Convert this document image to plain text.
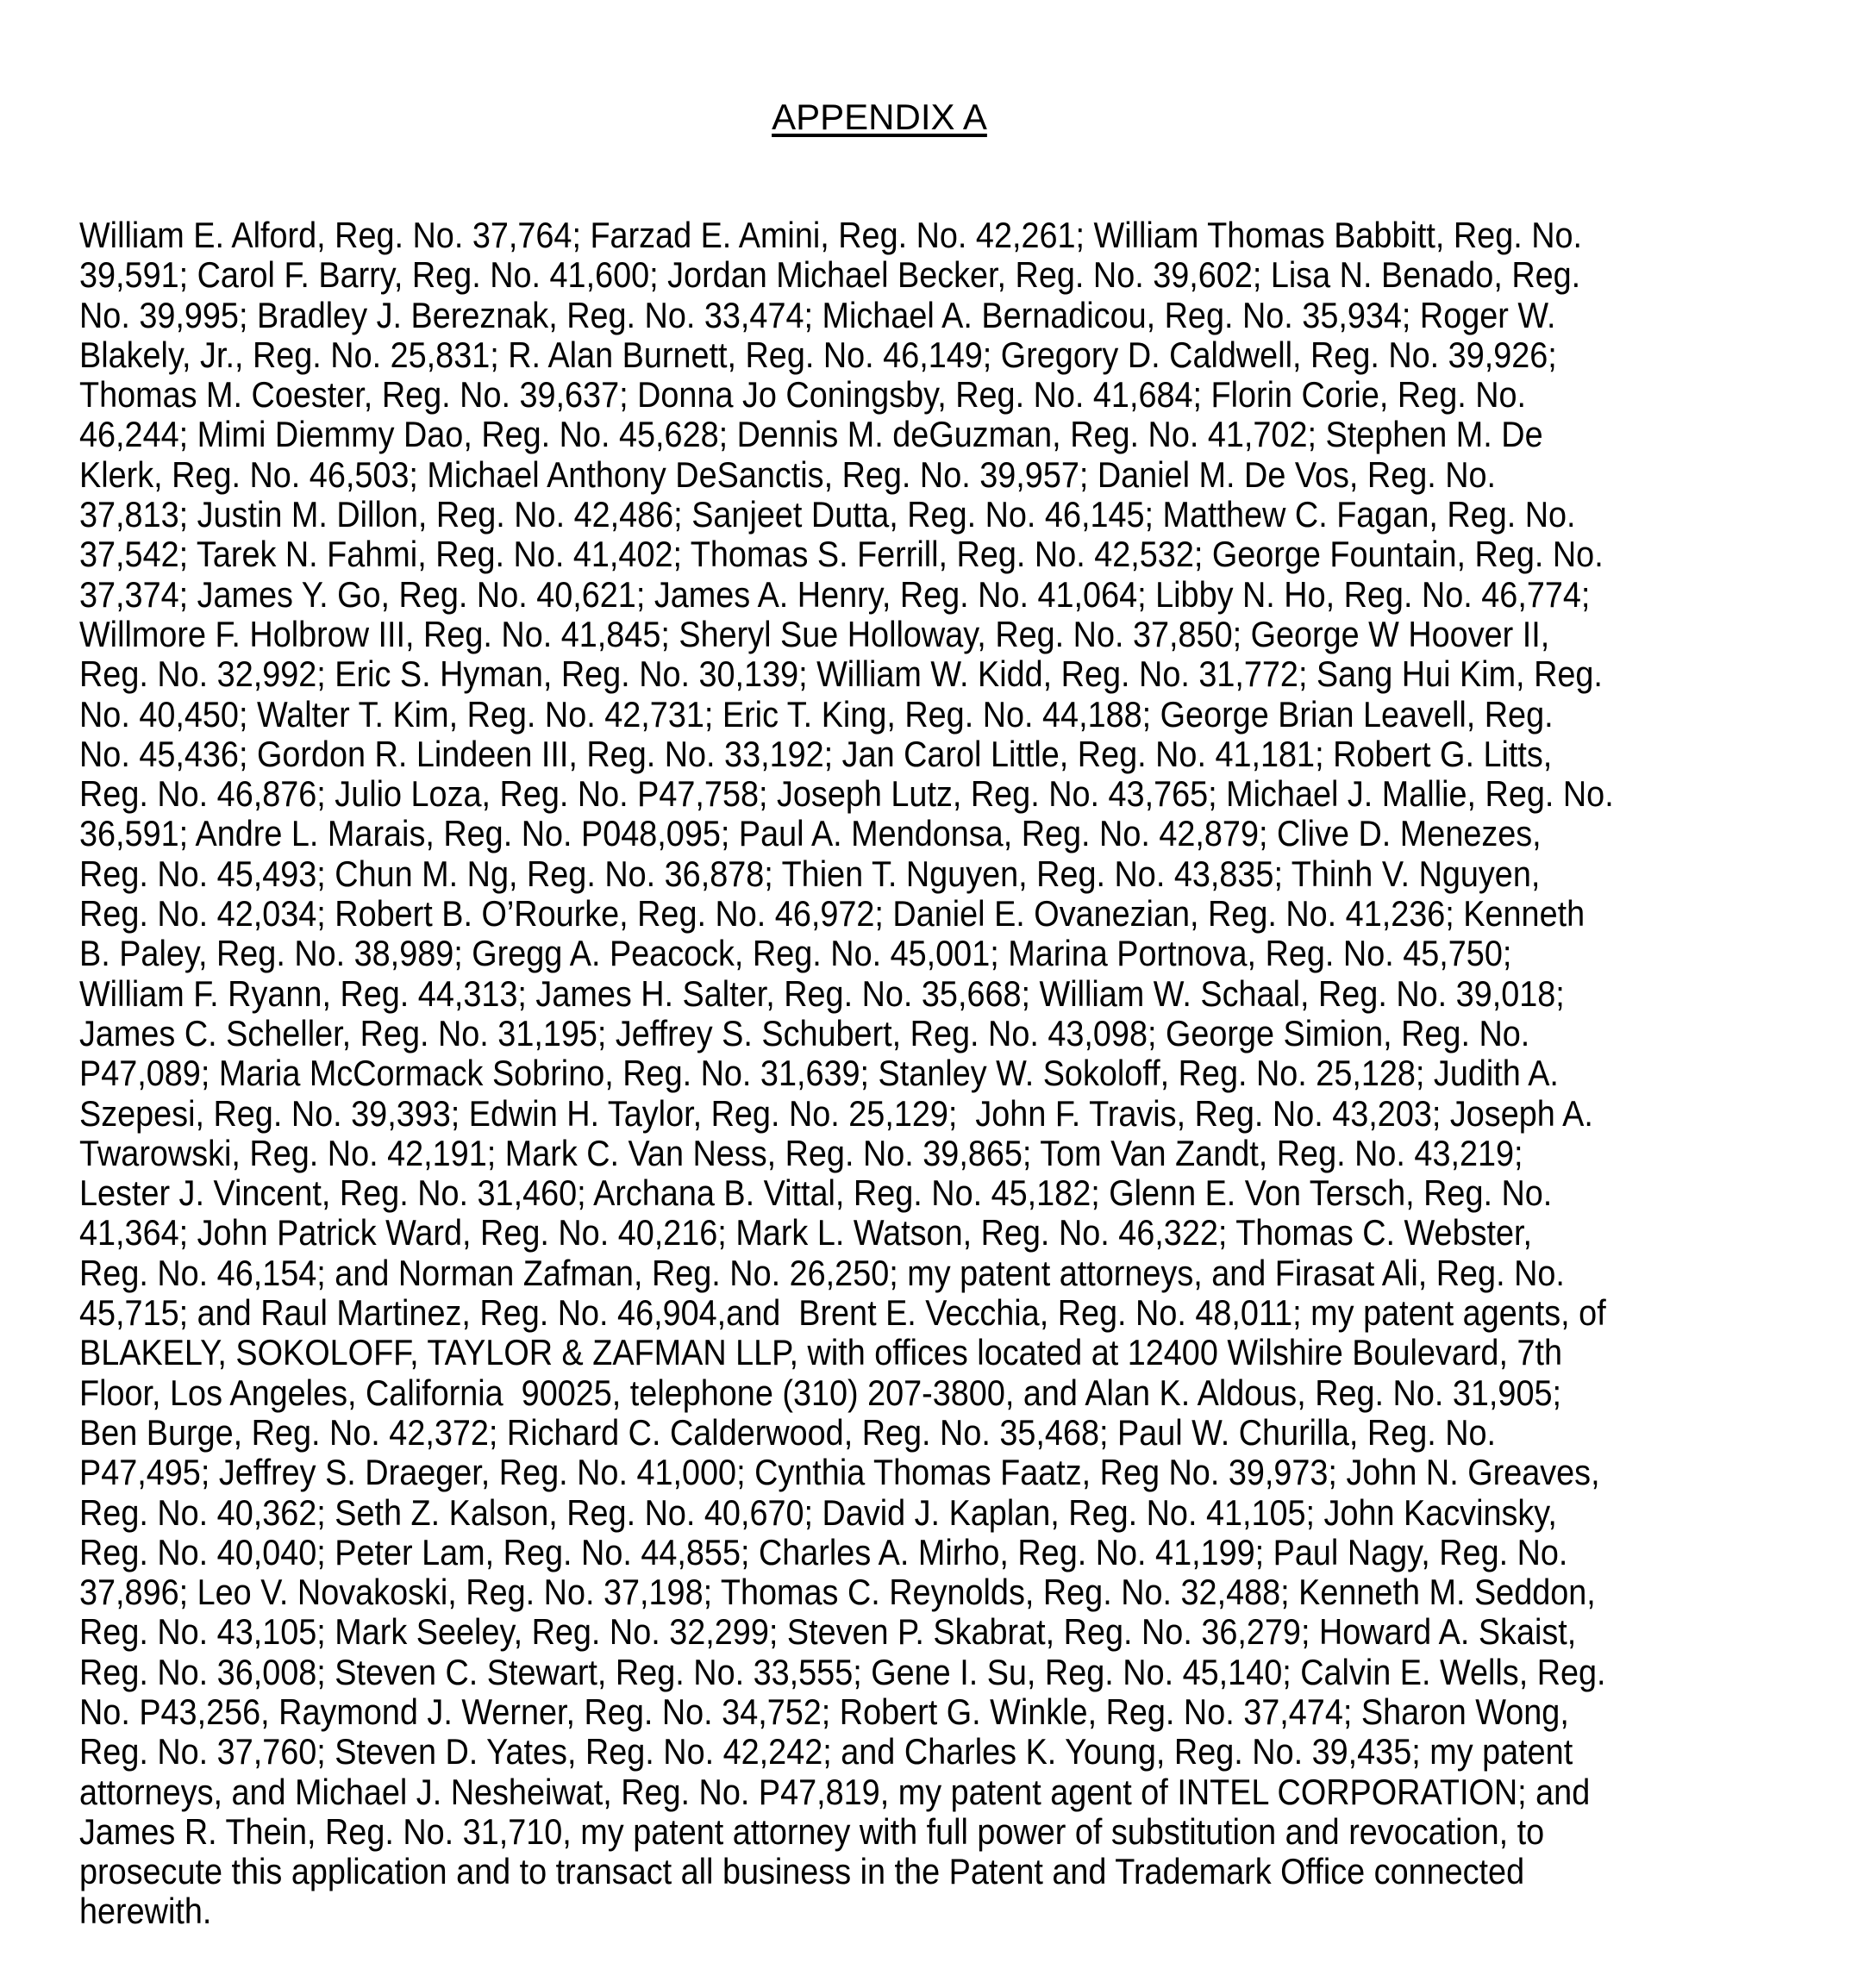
APPENDIX A
William E. Alford, Reg. No. 37,764; Farzad E. Amini, Reg. No. 42,261; William Thomas Babbitt, Reg. No.
39,591; Carol F. Barry, Reg. No. 41,600; Jordan Michael Becker, Reg. No. 39,602; Lisa N. Benado, Reg.
No. 39,995; Bradley J. Bereznak, Reg. No. 33,474; Michael A. Bernadicou, Reg. No. 35,934; Roger W.
Blakely, Jr., Reg. No. 25,831; R. Alan Burnett, Reg. No. 46,149; Gregory D. Caldwell, Reg. No. 39,926;
Thomas M. Coester, Reg. No. 39,637; Donna Jo Coningsby, Reg. No. 41,684; Florin Corie, Reg. No.
46,244; Mimi Diemmy Dao, Reg. No. 45,628; Dennis M. deGuzman, Reg. No. 41,702; Stephen M. De
Klerk, Reg. No. 46,503; Michael Anthony DeSanctis, Reg. No. 39,957; Daniel M. De Vos, Reg. No.
37,813; Justin M. Dillon, Reg. No. 42,486; Sanjeet Dutta, Reg. No. 46,145; Matthew C. Fagan, Reg. No.
37,542; Tarek N. Fahmi, Reg. No. 41,402; Thomas S. Ferrill, Reg. No. 42,532; George Fountain, Reg. No.
37,374; James Y. Go, Reg. No. 40,621; James A. Henry, Reg. No. 41,064; Libby N. Ho, Reg. No. 46,774;
Willmore F. Holbrow III, Reg. No. 41,845; Sheryl Sue Holloway, Reg. No. 37,850; George W Hoover II,
Reg. No. 32,992; Eric S. Hyman, Reg. No. 30,139; William W. Kidd, Reg. No. 31,772; Sang Hui Kim, Reg.
No. 40,450; Walter T. Kim, Reg. No. 42,731; Eric T. King, Reg. No. 44,188; George Brian Leavell, Reg.
No. 45,436; Gordon R. Lindeen III, Reg. No. 33,192; Jan Carol Little, Reg. No. 41,181; Robert G. Litts,
Reg. No. 46,876; Julio Loza, Reg. No. P47,758; Joseph Lutz, Reg. No. 43,765; Michael J. Mallie, Reg. No.
36,591; Andre L. Marais, Reg. No. P048,095; Paul A. Mendonsa, Reg. No. 42,879; Clive D. Menezes,
Reg. No. 45,493; Chun M. Ng, Reg. No. 36,878; Thien T. Nguyen, Reg. No. 43,835; Thinh V. Nguyen,
Reg. No. 42,034; Robert B. O’Rourke, Reg. No. 46,972; Daniel E. Ovanezian, Reg. No. 41,236; Kenneth
B. Paley, Reg. No. 38,989; Gregg A. Peacock, Reg. No. 45,001; Marina Portnova, Reg. No. 45,750;
William F. Ryann, Reg. 44,313; James H. Salter, Reg. No. 35,668; William W. Schaal, Reg. No. 39,018;
James C. Scheller, Reg. No. 31,195; Jeffrey S. Schubert, Reg. No. 43,098; George Simion, Reg. No.
P47,089; Maria McCormack Sobrino, Reg. No. 31,639; Stanley W. Sokoloff, Reg. No. 25,128; Judith A.
Szepesi, Reg. No. 39,393; Edwin H. Taylor, Reg. No. 25,129;  John F. Travis, Reg. No. 43,203; Joseph A.
Twarowski, Reg. No. 42,191; Mark C. Van Ness, Reg. No. 39,865; Tom Van Zandt, Reg. No. 43,219;
Lester J. Vincent, Reg. No. 31,460; Archana B. Vittal, Reg. No. 45,182; Glenn E. Von Tersch, Reg. No.
41,364; John Patrick Ward, Reg. No. 40,216; Mark L. Watson, Reg. No. 46,322; Thomas C. Webster,
Reg. No. 46,154; and Norman Zafman, Reg. No. 26,250; my patent attorneys, and Firasat Ali, Reg. No.
45,715; and Raul Martinez, Reg. No. 46,904,and  Brent E. Vecchia, Reg. No. 48,011; my patent agents, of
BLAKELY, SOKOLOFF, TAYLOR & ZAFMAN LLP, with offices located at 12400 Wilshire Boulevard, 7th
Floor, Los Angeles, California  90025, telephone (310) 207-3800, and Alan K. Aldous, Reg. No. 31,905;
Ben Burge, Reg. No. 42,372; Richard C. Calderwood, Reg. No. 35,468; Paul W. Churilla, Reg. No.
P47,495; Jeffrey S. Draeger, Reg. No. 41,000; Cynthia Thomas Faatz, Reg No. 39,973; John N. Greaves,
Reg. No. 40,362; Seth Z. Kalson, Reg. No. 40,670; David J. Kaplan, Reg. No. 41,105; John Kacvinsky,
Reg. No. 40,040; Peter Lam, Reg. No. 44,855; Charles A. Mirho, Reg. No. 41,199; Paul Nagy, Reg. No.
37,896; Leo V. Novakoski, Reg. No. 37,198; Thomas C. Reynolds, Reg. No. 32,488; Kenneth M. Seddon,
Reg. No. 43,105; Mark Seeley, Reg. No. 32,299; Steven P. Skabrat, Reg. No. 36,279; Howard A. Skaist,
Reg. No. 36,008; Steven C. Stewart, Reg. No. 33,555; Gene I. Su, Reg. No. 45,140; Calvin E. Wells, Reg.
No. P43,256, Raymond J. Werner, Reg. No. 34,752; Robert G. Winkle, Reg. No. 37,474; Sharon Wong,
Reg. No. 37,760; Steven D. Yates, Reg. No. 42,242; and Charles K. Young, Reg. No. 39,435; my patent
attorneys, and Michael J. Nesheiwat, Reg. No. P47,819, my patent agent of INTEL CORPORATION; and
James R. Thein, Reg. No. 31,710, my patent attorney with full power of substitution and revocation, to
prosecute this application and to transact all business in the Patent and Trademark Office connected
herewith.
